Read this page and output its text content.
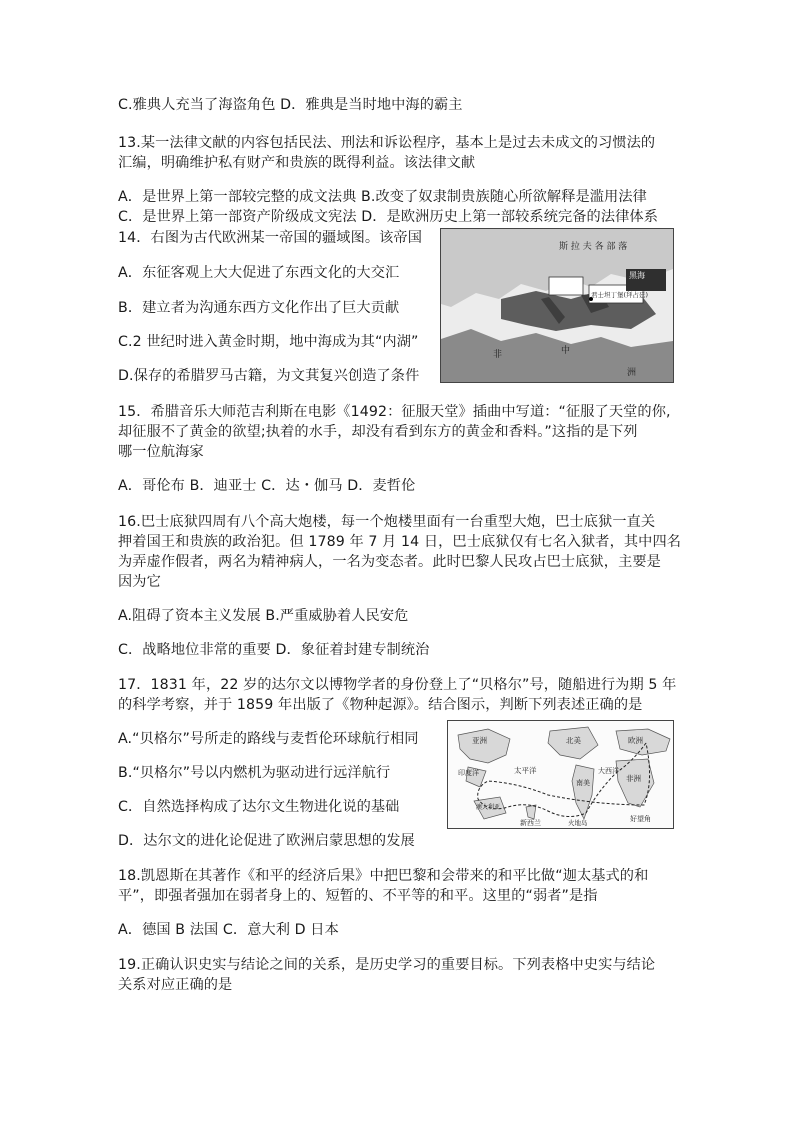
C.雅典人充当了海盗角色 D．雅典是当时地中海的霸主
13.某一法律文献的内容包括民法、刑法和诉讼程序，基本上是过去未成文的习惯法的
汇编，明确维护私有财产和贵族的既得利益。该法律文献
A．是世界上第一部较完整的成文法典 B.改变了奴隶制贵族随心所欲解释是滥用法律
C．是世界上第一部资产阶级成文宪法 D．是欧洲历史上第一部较系统完备的法律体系
14．右图为古代欧洲某一帝国的疆域图。该帝国
A．东征客观上大大促进了东西文化的大交汇
B．建立者为沟通东西方文化作出了巨大贡献
C.2 世纪时进入黄金时期，地中海成为其“内湖”
D.保存的希腊罗马古籍，为文萁复兴创造了条件
斯 拉 夫 各 部 落
黑海
君士坦丁堡(拜占廷)
非	中
洲
15．希腊音乐大师范吉利斯在电影《1492：征服天堂》插曲中写道：“征服了天堂的你,
却征服不了黄金的欲望;执着的水手，却没有看到东方的黄金和香料。”这指的是下列
哪一位航海家
A．哥伦布 B．迪亚士 C．达・伽马 D．麦哲伦
16.巴士底狱四周有八个高大炮楼，每一个炮楼里面有一台重型大炮，巴士底狱一直关
押着国王和贵族的政治犯。但 1789 年 7 月 14 日，巴士底狱仅有七名入狱者，其中四名
为弄虚作假者，两名为精神病人，一名为变态者。此时巴黎人民攻占巴士底狱，主要是
因为它
A.阻碍了资本主义发展 B.严重威胁着人民安危
C．战略地位非常的重要 D．象征着封建专制统治
17．1831 年，22 岁的达尔文以博物学者的身份登上了“贝格尔”号，随船进行为期 5 年
的科学考察，并于 1859 年出版了《物种起源》。结合图示，判断下列表述正确的是
A.“贝格尔”号所走的路线与麦哲伦环球航行相同
B.“贝格尔”号以内燃机为驱动进行远洋航行
C．自然选择构成了达尔文生物进化说的基础
D．达尔文的进化论促进了欧洲启蒙思想的发展
欧洲
北美
亚洲
印度洋	太平洋	大西洋
南美	非洲
澳大利亚
新西兰	好望角
火地岛
18.凯恩斯在其著作《和平的经济后果》中把巴黎和会带来的和平比做“迦太基式的和
平”，即强者强加在弱者身上的、短暂的、不平等的和平。这里的“弱者”是指
A．德国 B 法国 C．意大利 D 日本
19.正确认识史实与结论之间的关系，是历史学习的重要目标。下列表格中史实与结论
关系对应正确的是
